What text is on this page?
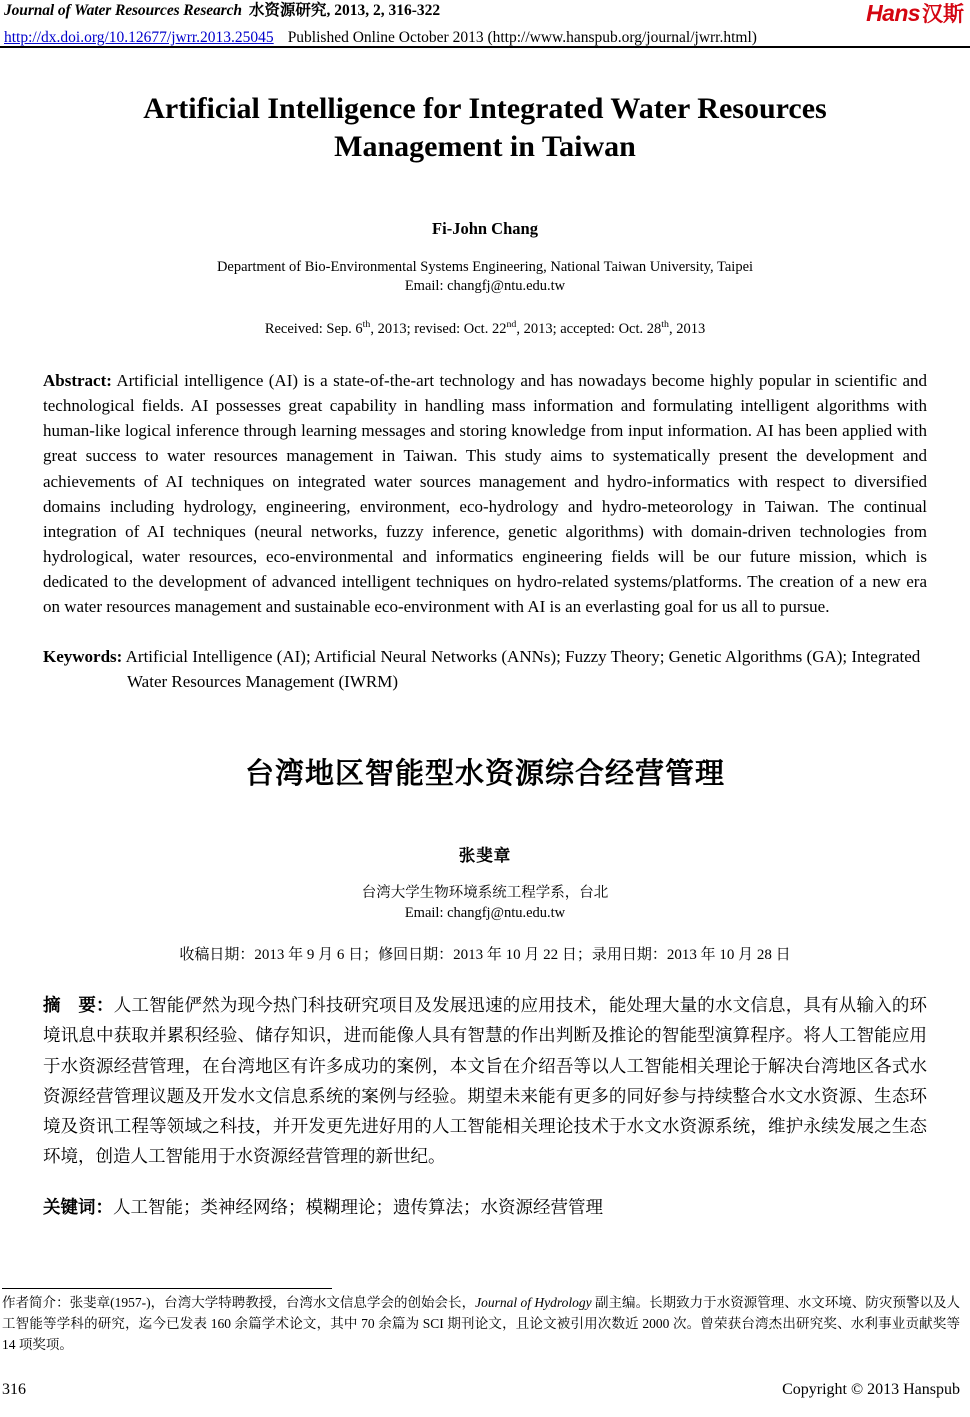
Journal of Water Resources Research 水资源研究, 2013, 2, 316-322	Hans 汉斯
http://dx.doi.org/10.12677/jwrr.2013.25045 Published Online October 2013 (http://www.hanspub.org/journal/jwrr.html)
Artificial Intelligence for Integrated Water Resources Management in Taiwan
Fi-John Chang
Department of Bio-Environmental Systems Engineering, National Taiwan University, Taipei
Email: changfj@ntu.edu.tw
Received: Sep. 6th, 2013; revised: Oct. 22nd, 2013; accepted: Oct. 28th, 2013

Abstract: Artificial intelligence (AI) is a state-of-the-art technology and has nowadays become highly popular in scientific and technological fields. AI possesses great capability in handling mass information and formulating intelligent algorithms with human-like logical inference through learning messages and storing knowledge from input information. AI has been applied with great success to water resources management in Taiwan. This study aims to systematically present the development and achievements of AI techniques on integrated water sources management and hydro-informatics with respect to diversified domains including hydrology, engineering, environment, eco-hydrology and hydro-meteorology in Taiwan. The continual integration of AI techniques (neural networks, fuzzy inference, genetic algorithms) with domain-driven technologies from hydrological, water resources, eco-environmental and informatics engineering fields will be our future mission, which is dedicated to the development of advanced intelligent techniques on hydro-related systems/platforms. The creation of a new era on water resources management and sustainable eco-environment with AI is an everlasting goal for us all to pursue.

Keywords: Artificial Intelligence (AI); Artificial Neural Networks (ANNs); Fuzzy Theory; Genetic Algorithms (GA); Integrated Water Resources Management (IWRM)

台湾地区智能型水资源综合经营管理
张斐章
台湾大学生物环境系统工程学系，台北
Email: changfj@ntu.edu.tw
收稿日期：2013 年 9 月 6 日；修回日期：2013 年 10 月 22 日；录用日期：2013 年 10 月 28 日

摘　要：人工智能俨然为现今热门科技研究项目及发展迅速的应用技术，能处理大量的水文信息，具有从输入的环境讯息中获取并累积经验、储存知识，进而能像人具有智慧的作出判断及推论的智能型演算程序。将人工智能应用于水资源经营管理，在台湾地区有许多成功的案例，本文旨在介绍吾等以人工智能相关理论于解决台湾地区各式水资源经营管理议题及开发水文信息系统的案例与经验。期望未来能有更多的同好参与持续整合水文水资源、生态环境及资讯工程等领域之科技，并开发更先进好用的人工智能相关理论技术于水文水资源系统，维护永续发展之生态环境，创造人工智能用于水资源经营管理的新世纪。

关键词：人工智能；类神经网络；模糊理论；遗传算法；水资源经营管理

作者简介：张斐章(1957-)，台湾大学特聘教授，台湾水文信息学会的创始会长，Journal of Hydrology 副主编。长期致力于水资源管理、水文环境、防灾预警以及人工智能等学科的研究，迄今已发表 160 余篇学术论文，其中 70 余篇为 SCI 期刊论文，且论文被引用次数近 2000 次。曾荣获台湾杰出研究奖、水利事业贡献奖等 14 项奖项。
316	Copyright © 2013 Hanspub
